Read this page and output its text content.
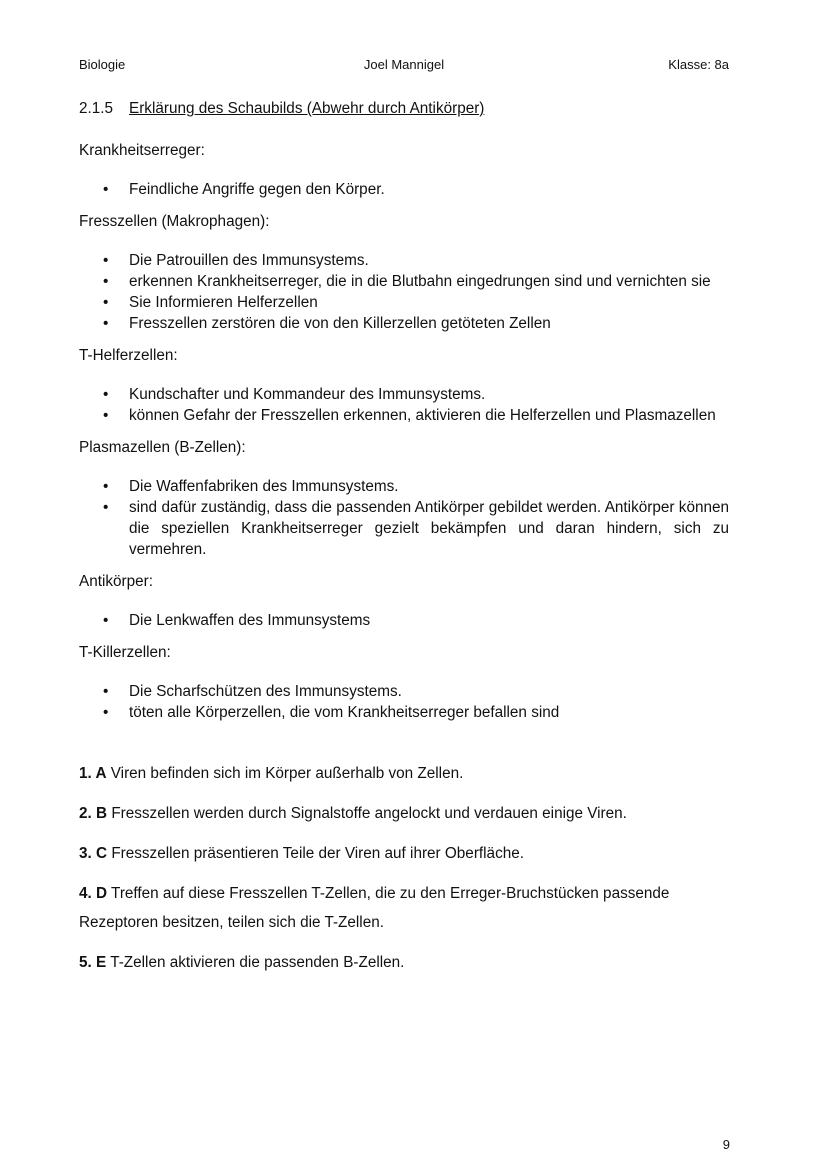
Biologie	Joel Mannigel	Klasse: 8a
2.1.5 Erklärung des Schaubilds (Abwehr durch Antikörper)
Krankheitserreger:
• Feindliche Angriffe gegen den Körper.
Fresszellen (Makrophagen):
• Die Patrouillen des Immunsystems.
• erkennen Krankheitserreger, die in die Blutbahn eingedrungen sind und vernichten sie
• Sie Informieren Helferzellen
• Fresszellen zerstören die von den Killerzellen getöteten Zellen
T-Helferzellen:
• Kundschafter und Kommandeur des Immunsystems.
• können Gefahr der Fresszellen erkennen, aktivieren die Helferzellen und Plasmazellen
Plasmazellen (B-Zellen):
• Die Waffenfabriken des Immunsystems.
• sind dafür zuständig, dass die passenden Antikörper gebildet werden. Antikörper können die speziellen Krankheitserreger gezielt bekämpfen und daran hindern, sich zu vermehren.
Antikörper:
• Die Lenkwaffen des Immunsystems
T-Killerzellen:
• Die Scharfschützen des Immunsystems.
• töten alle Körperzellen, die vom Krankheitserreger befallen sind
1. A Viren befinden sich im Körper außerhalb von Zellen.
2. B Fresszellen werden durch Signalstoffe angelockt und verdauen einige Viren.
3. C Fresszellen präsentieren Teile der Viren auf ihrer Oberfläche.
4. D Treffen auf diese Fresszellen T-Zellen, die zu den Erreger-Bruchstücken passende Rezeptoren besitzen, teilen sich die T-Zellen.
5. E T-Zellen aktivieren die passenden B-Zellen.
9
